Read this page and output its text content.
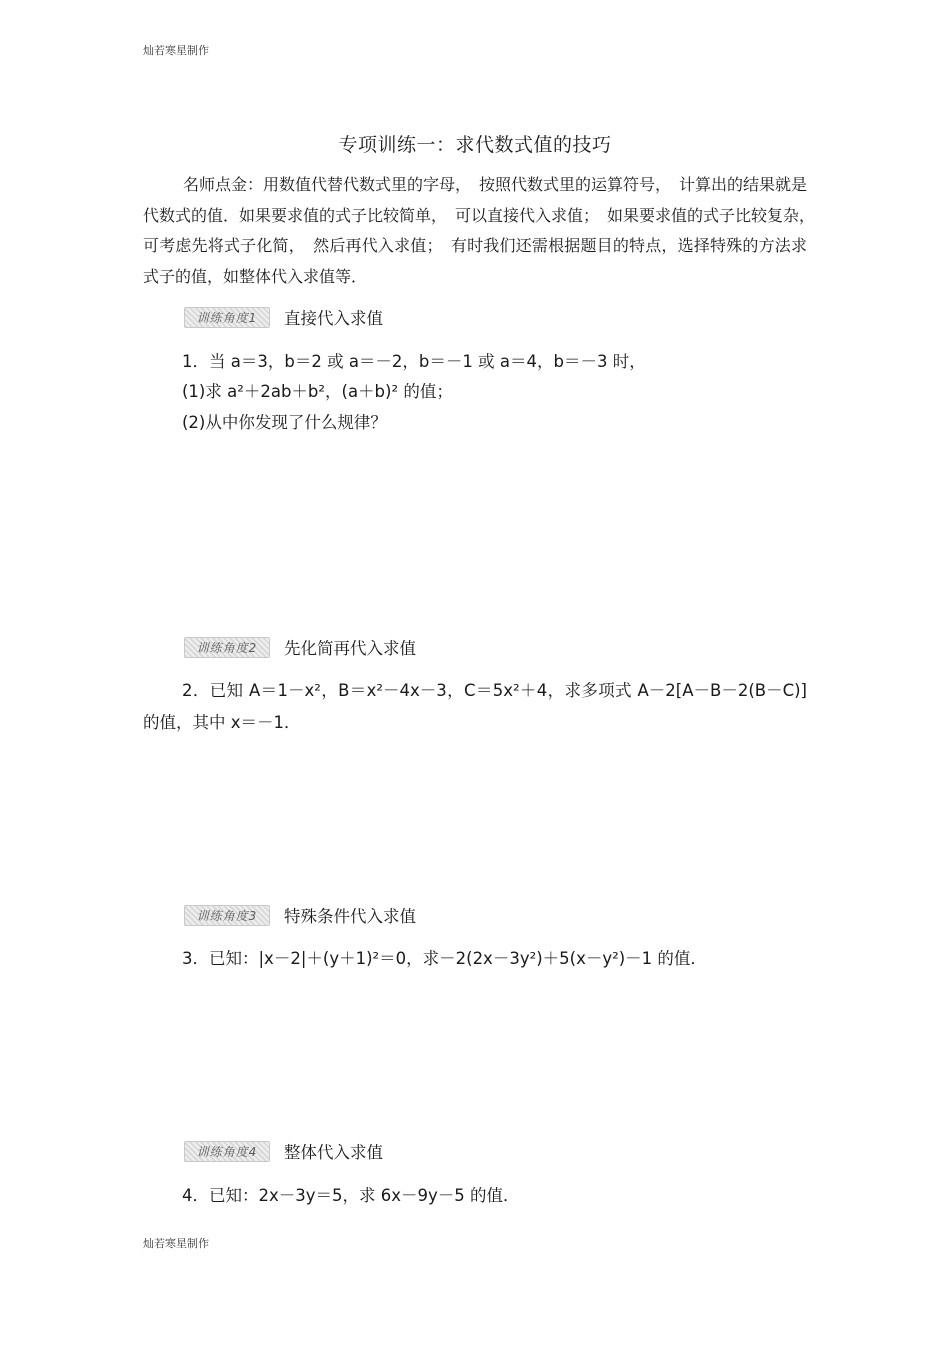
灿若寒星制作
专项训练一：求代数式值的技巧
名师点金：用数值代替代数式里的字母，　按照代数式里的运算符号，　计算出的结果就是代数式的值．如果要求值的式子比较简单，　可以直接代入求值；　如果要求值的式子比较复杂，　可考虑先将式子化简，　然后再代入求值；　有时我们还需根据题目的特点，选择特殊的方法求式子的值，如整体代入求值等．
训练角度1	直接代入求值
1．当 a＝3，b＝2 或 a＝－2，b＝－1 或 a＝4，b＝－3 时，
(1)求 a²＋2ab＋b²，(a＋b)² 的值；
(2)从中你发现了什么规律？
训练角度2	先化简再代入求值
2．已知 A＝1－x²，B＝x²－4x－3，C＝5x²＋4，求多项式 A－2[A－B－2(B－C)]的值，其中 x＝－1．
训练角度3	特殊条件代入求值
3．已知：|x－2|＋(y＋1)²＝0，求－2(2x－3y²)＋5(x－y²)－1 的值．
训练角度4	整体代入求值
4．已知：2x－3y＝5，求 6x－9y－5 的值．
灿若寒星制作
